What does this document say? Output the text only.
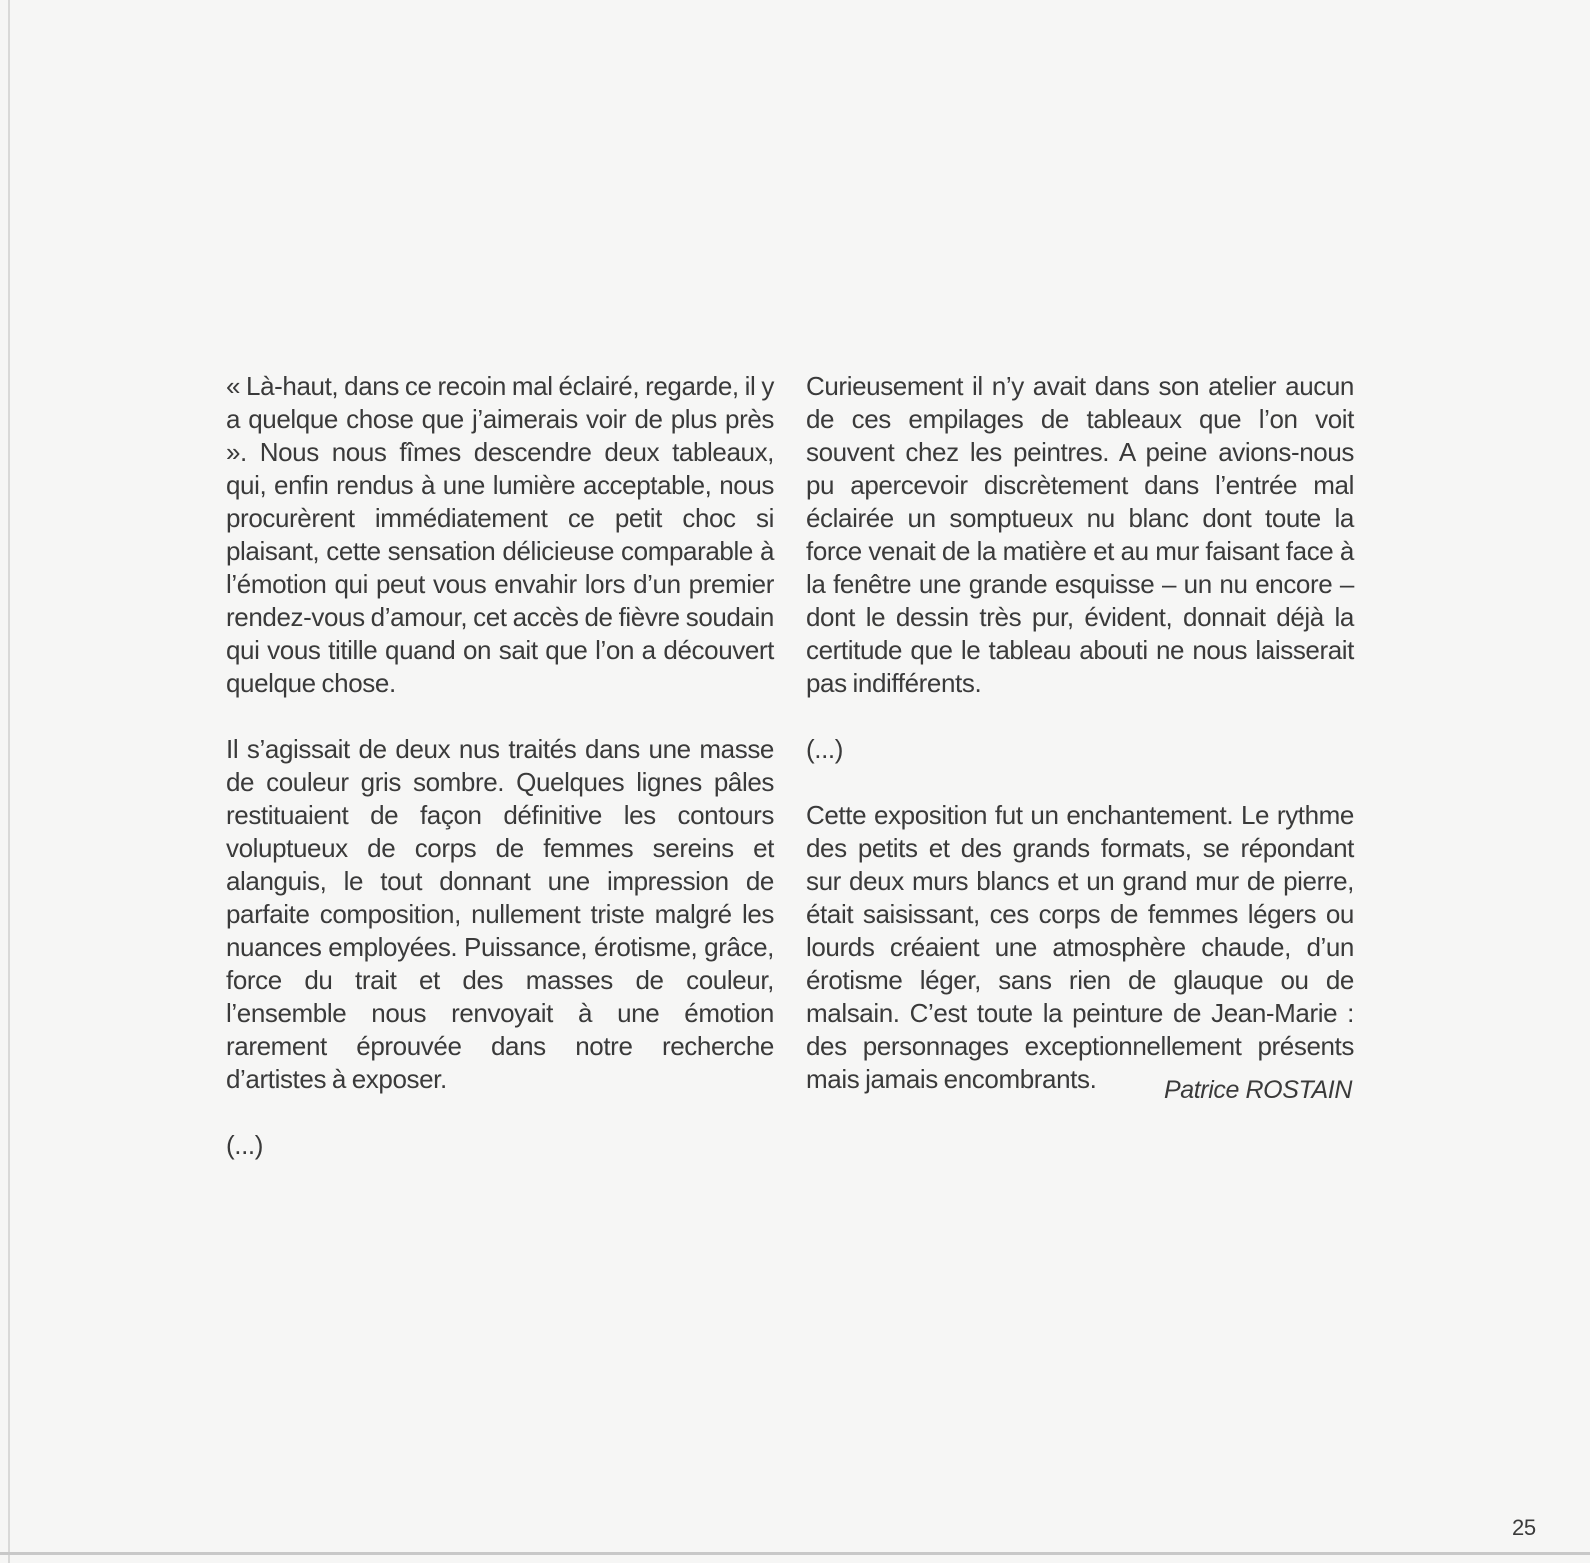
« Là-haut, dans ce recoin mal éclairé, regarde, il y a quelque chose que j’aimerais voir de plus près ». Nous nous fîmes descendre deux tableaux, qui, enfin rendus à une lumière acceptable, nous procurèrent immédiatement ce petit choc si plaisant, cette sensation délicieuse comparable à l’émotion qui peut vous envahir lors d’un premier rendez-vous d’amour, cet accès de fièvre soudain qui vous titille quand on sait que l’on a découvert quelque chose.

Il s’agissait de deux nus traités dans une masse de couleur gris sombre. Quelques lignes pâles restituaient de façon définitive les contours voluptueux de corps de femmes sereins et alanguis, le tout donnant une impression de parfaite composition, nullement triste malgré les nuances employées. Puissance, érotisme, grâce, force du trait et des masses de couleur, l’ensemble nous renvoyait à une émotion rarement éprouvée dans notre recherche d’artistes à exposer.

(...)

Curieusement il n’y avait dans son atelier aucun de ces empilages de tableaux que l’on voit souvent chez les peintres. A peine avions-nous pu apercevoir discrètement dans l’entrée mal éclairée un somptueux nu blanc dont toute la force venait de la matière et au mur faisant face à la fenêtre une grande esquisse – un nu encore – dont le dessin très pur, évident, donnait déjà la certitude que le tableau abouti ne nous laisserait pas indifférents.

(...)

Cette exposition fut un enchantement. Le rythme des petits et des grands formats, se répondant sur deux murs blancs et un grand mur de pierre, était saisissant, ces corps de femmes légers ou lourds créaient une atmosphère chaude, d’un érotisme léger, sans rien de glauque ou de malsain. C’est toute la peinture de Jean-Marie : des personnages exceptionnellement présents mais jamais encombrants.	Patrice ROSTAIN
25
